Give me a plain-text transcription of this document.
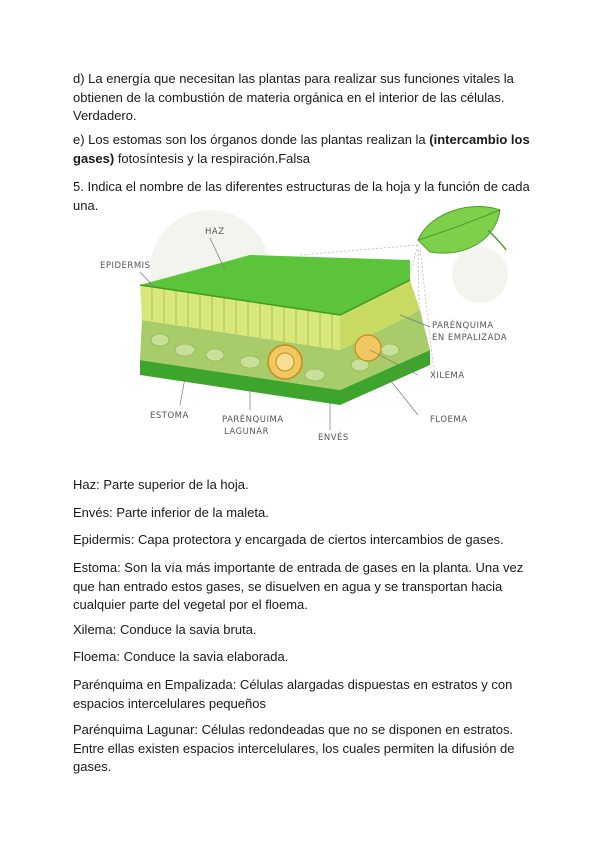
d) La energía que necesitan las plantas para realizar sus funciones vitales la obtienen de la combustión de materia orgánica en el interior de las células. Verdadero.

e) Los estomas son los órganos donde las plantas realizan la (intercambio los gases) fotosíntesis y la respiración.Falsa

5. Indica el nombre de las diferentes estructuras de la hoja y la función de cada una.

HAZ
EPIDERMIS
PARÉNQUIMA
EN EMPALIZADA
XILEMA
FLOEMA
ESTOMA	PARÉNQUIMA
LAGUNAR
ENVÉS

Haz: Parte superior de la hoja.

Envés: Parte inferior de la maleta.

Epidermis: Capa protectora y encargada de ciertos intercambios de gases.

Estoma: Son la vía más importante de entrada de gases en la planta. Una vez que han entrado estos gases, se disuelven en agua y se transportan hacia cualquier parte del vegetal por el floema.

Xilema: Conduce la savia bruta.

Floema: Conduce la savia elaborada.

Parénquima en Empalizada: Células alargadas dispuestas en estratos y con espacios intercelulares pequeños

Parénquima Lagunar: Células redondeadas que no se disponen en estratos. Entre ellas existen espacios intercelulares, los cuales permiten la difusión de gases.
